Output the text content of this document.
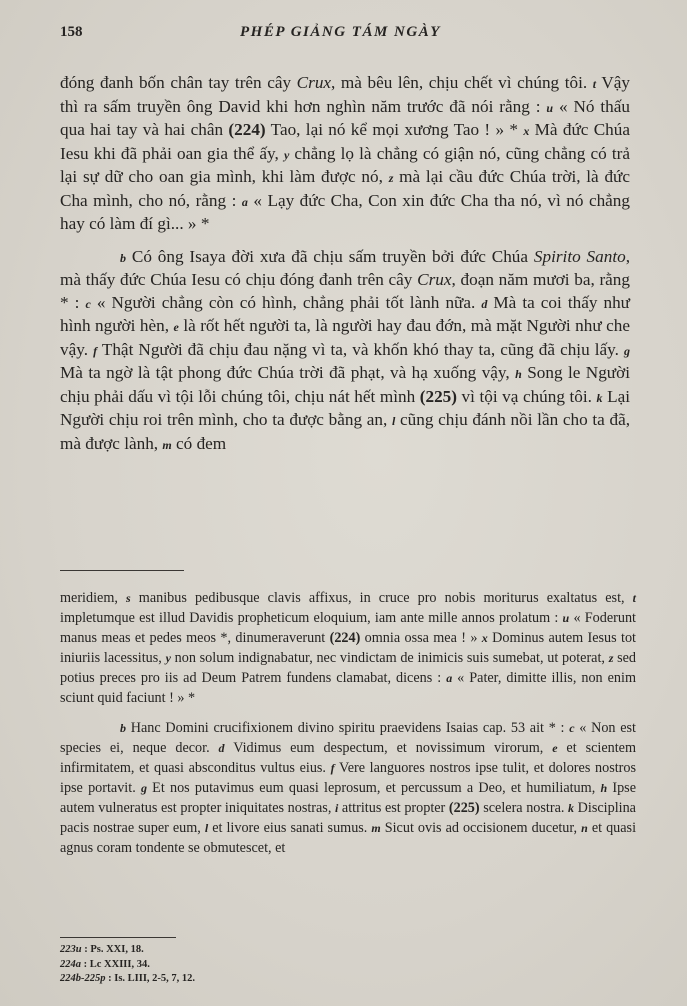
158	PHÉP GIẢNG TÁM NGÀY

đóng đanh bốn chân tay trên cây Crux, mà bêu lên, chịu chết vì chúng tôi. t Vậy thì ra sấm truyền ông David khi hơn nghìn năm trước đã nói rằng : u « Nó thấu qua hai tay và hai chân (224) Tao, lại nó kể mọi xương Tao ! » * x Mà đức Chúa Iesu khi đã phải oan gia thể ấy, y chẳng lọ là chẳng có giận nó, cũng chẳng có trả lại sự dữ cho oan gia mình, khi làm được nó, z mà lại cầu đức Chúa trời, là đức Cha mình, cho nó, rằng : a « Lạy đức Cha, Con xin đức Cha tha nó, vì nó chẳng hay có làm đí gì... » *

b Có ông Isaya đời xưa đã chịu sấm truyền bởi đức Chúa Spirito Santo, mà thấy đức Chúa Iesu có chịu đóng đanh trên cây Crux, đoạn năm mươi ba, rằng * : c « Người chẳng còn có hình, chẳng phải tốt lành nữa. d Mà ta coi thấy như hình người hèn, e là rốt hết người ta, là người hay đau đớn, mà mặt Người như che vậy. f Thật Người đã chịu đau nặng vì ta, và khốn khó thay ta, cũng đã chịu lấy. g Mà ta ngờ là tật phong đức Chúa trời đã phạt, và hạ xuống vậy, h Song le Người chịu phải dấu vì tội lỗi chúng tôi, chịu nát hết mình (225) vì tội vạ chúng tôi. k Lại Người chịu roi trên mình, cho ta được bằng an, l cũng chịu đánh nồi lần cho ta đã, mà được lành, m có đem

meridiem, s manibus pedibusque clavis affixus, in cruce pro nobis moriturus exaltatus est, t impletumque est illud Davidis propheticum eloquium, iam ante mille annos prolatum : u « Foderunt manus meas et pedes meos *, dinumeraverunt (224) omnia ossa mea ! » x Dominus autem Iesus tot iniuriis lacessitus, y non solum indignabatur, nec vindictam de inimicis suis sumebat, ut poterat, z sed potius preces pro iis ad Deum Patrem fundens clamabat, dicens : a « Pater, dimitte illis, non enim sciunt quid faciunt ! » *

b Hanc Domini crucifixionem divino spiritu praevidens Isaias cap. 53 ait * : c « Non est species ei, neque decor. d Vidimus eum despectum, et novissimum virorum, e et scientem infirmitatem, et quasi absconditus vultus eius. f Vere languores nostros ipse tulit, et dolores nostros ipse portavit. g Et nos putavimus eum quasi leprosum, et percussum a Deo, et humiliatum, h Ipse autem vulneratus est propter iniquitates nostras, i attritus est propter (225) scelera nostra. k Disciplina pacis nostrae super eum, l et livore eius sanati sumus. m Sicut ovis ad occisionem ducetur, n et quasi agnus coram tondente se obmutescet, et

223u : Ps. XXI, 18.
224a : Lc XXIII, 34.
224b-225p : Is. LIII, 2-5, 7, 12.
